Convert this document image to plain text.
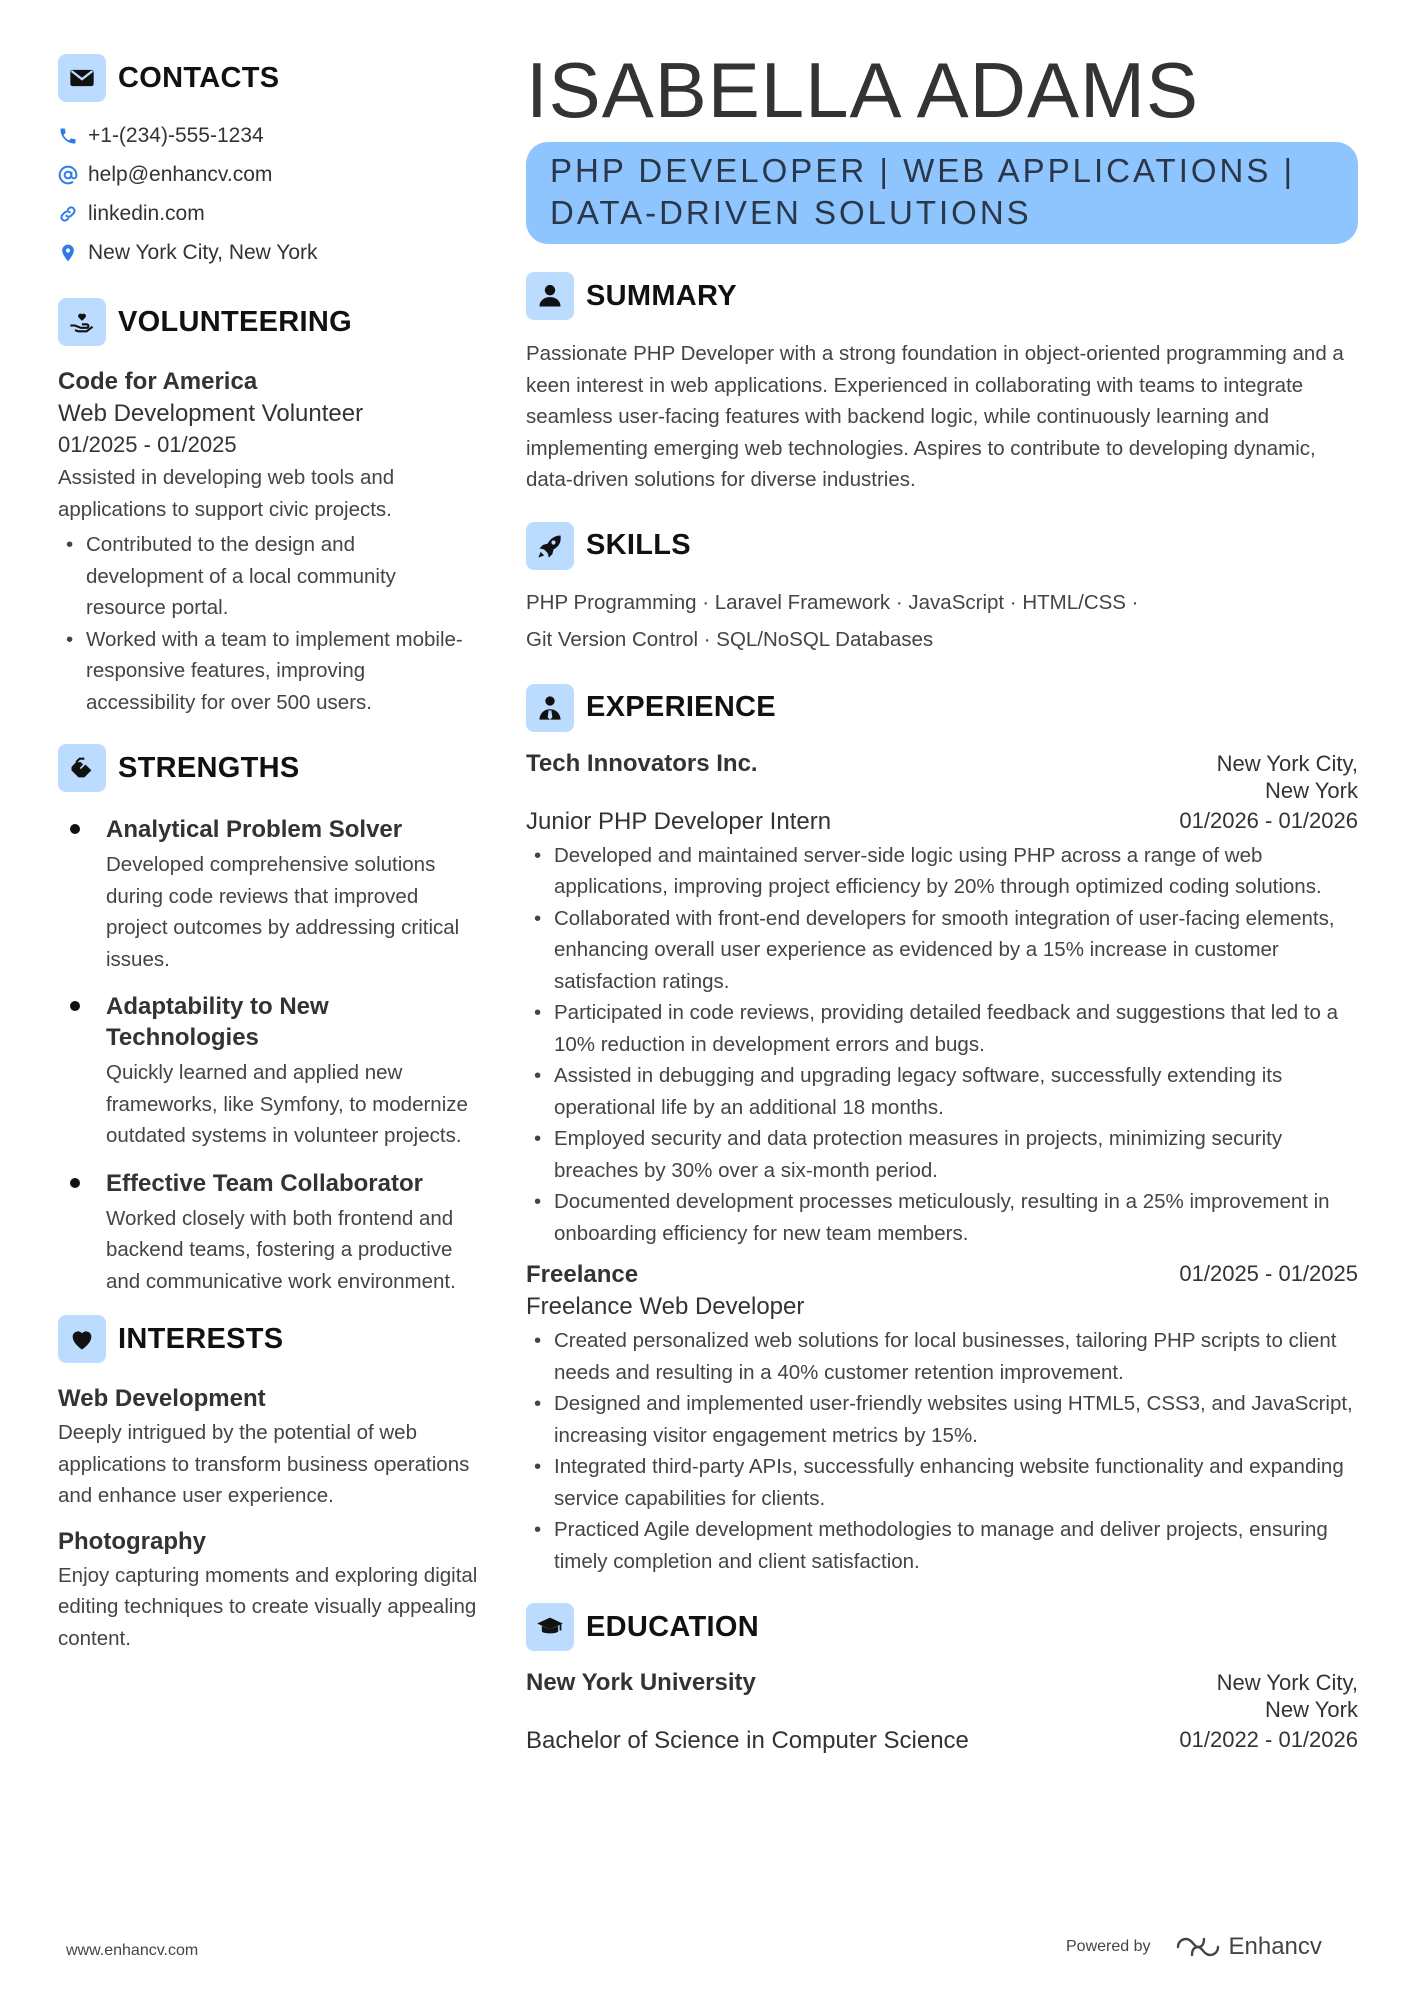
CONTACTS
+1-(234)-555-1234
help@enhancv.com
linkedin.com
New York City, New York
VOLUNTEERING
Code for America
Web Development Volunteer
01/2025 - 01/2025
Assisted in developing web tools and applications to support civic projects.
• Contributed to the design and development of a local community resource portal.
• Worked with a team to implement mobile-responsive features, improving accessibility for over 500 users.
STRENGTHS
Analytical Problem Solver
Developed comprehensive solutions during code reviews that improved project outcomes by addressing critical issues.
Adaptability to New Technologies
Quickly learned and applied new frameworks, like Symfony, to modernize outdated systems in volunteer projects.
Effective Team Collaborator
Worked closely with both frontend and backend teams, fostering a productive and communicative work environment.
INTERESTS
Web Development
Deeply intrigued by the potential of web applications to transform business operations and enhance user experience.
Photography
Enjoy capturing moments and exploring digital editing techniques to create visually appealing content.
ISABELLA ADAMS
PHP DEVELOPER | WEB APPLICATIONS | DATA-DRIVEN SOLUTIONS
SUMMARY
Passionate PHP Developer with a strong foundation in object-oriented programming and a keen interest in web applications. Experienced in collaborating with teams to integrate seamless user-facing features with backend logic, while continuously learning and implementing emerging web technologies. Aspires to contribute to developing dynamic, data-driven solutions for diverse industries.
SKILLS
PHP Programming · Laravel Framework · JavaScript · HTML/CSS ·
Git Version Control · SQL/NoSQL Databases
EXPERIENCE
Tech Innovators Inc.	New York City,
New York
Junior PHP Developer Intern	01/2026 - 01/2026
• Developed and maintained server-side logic using PHP across a range of web applications, improving project efficiency by 20% through optimized coding solutions.
• Collaborated with front-end developers for smooth integration of user-facing elements, enhancing overall user experience as evidenced by a 15% increase in customer satisfaction ratings.
• Participated in code reviews, providing detailed feedback and suggestions that led to a 10% reduction in development errors and bugs.
• Assisted in debugging and upgrading legacy software, successfully extending its operational life by an additional 18 months.
• Employed security and data protection measures in projects, minimizing security breaches by 30% over a six-month period.
• Documented development processes meticulously, resulting in a 25% improvement in onboarding efficiency for new team members.
Freelance	01/2025 - 01/2025
Freelance Web Developer
• Created personalized web solutions for local businesses, tailoring PHP scripts to client needs and resulting in a 40% customer retention improvement.
• Designed and implemented user-friendly websites using HTML5, CSS3, and JavaScript, increasing visitor engagement metrics by 15%.
• Integrated third-party APIs, successfully enhancing website functionality and expanding service capabilities for clients.
• Practiced Agile development methodologies to manage and deliver projects, ensuring timely completion and client satisfaction.
EDUCATION
New York University	New York City,
New York
Bachelor of Science in Computer Science	01/2022 - 01/2026
www.enhancv.com	Powered by	Enhancv
